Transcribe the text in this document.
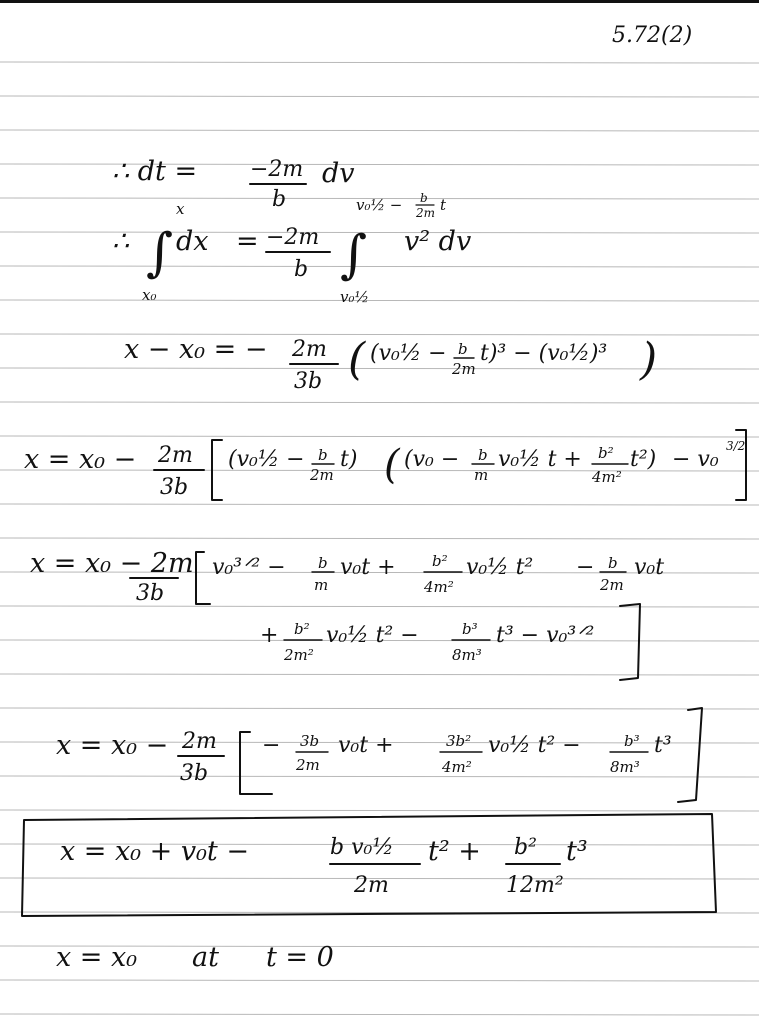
5.72(2)
∴ dt = −2m
b
dv
∴ ∫
x
x₀
dx = −2m
b ∫
v₀½ − b
2m t
v₀½
v² dv
x − x₀ = − 2m
3b ( (v₀½ − b
2m
t)³ − (v₀½)³ )
x = x₀ − 2m
3b
(v₀½ − b
2m
t) ( (v₀ − b
m
v₀½ t + b²
4m²
t²) − v₀
3/2
x = x₀ − 2m
3b
v₀³ᐟ² − b
m
v₀t + b²
4m²
v₀½ t² − b
2m
v₀t
+ b²
2m²
v₀½ t² −	b³
8m³
t³ − v₀³ᐟ²
x = x₀ − 2m
3b
− 3b
2m
v₀t +	3b²
4m²
v₀½ t² −	b³
8m³
t³
x = x₀ + v₀t −	b v₀½
2m
t² + b²
12m²
t³
x = x₀ at t = 0
